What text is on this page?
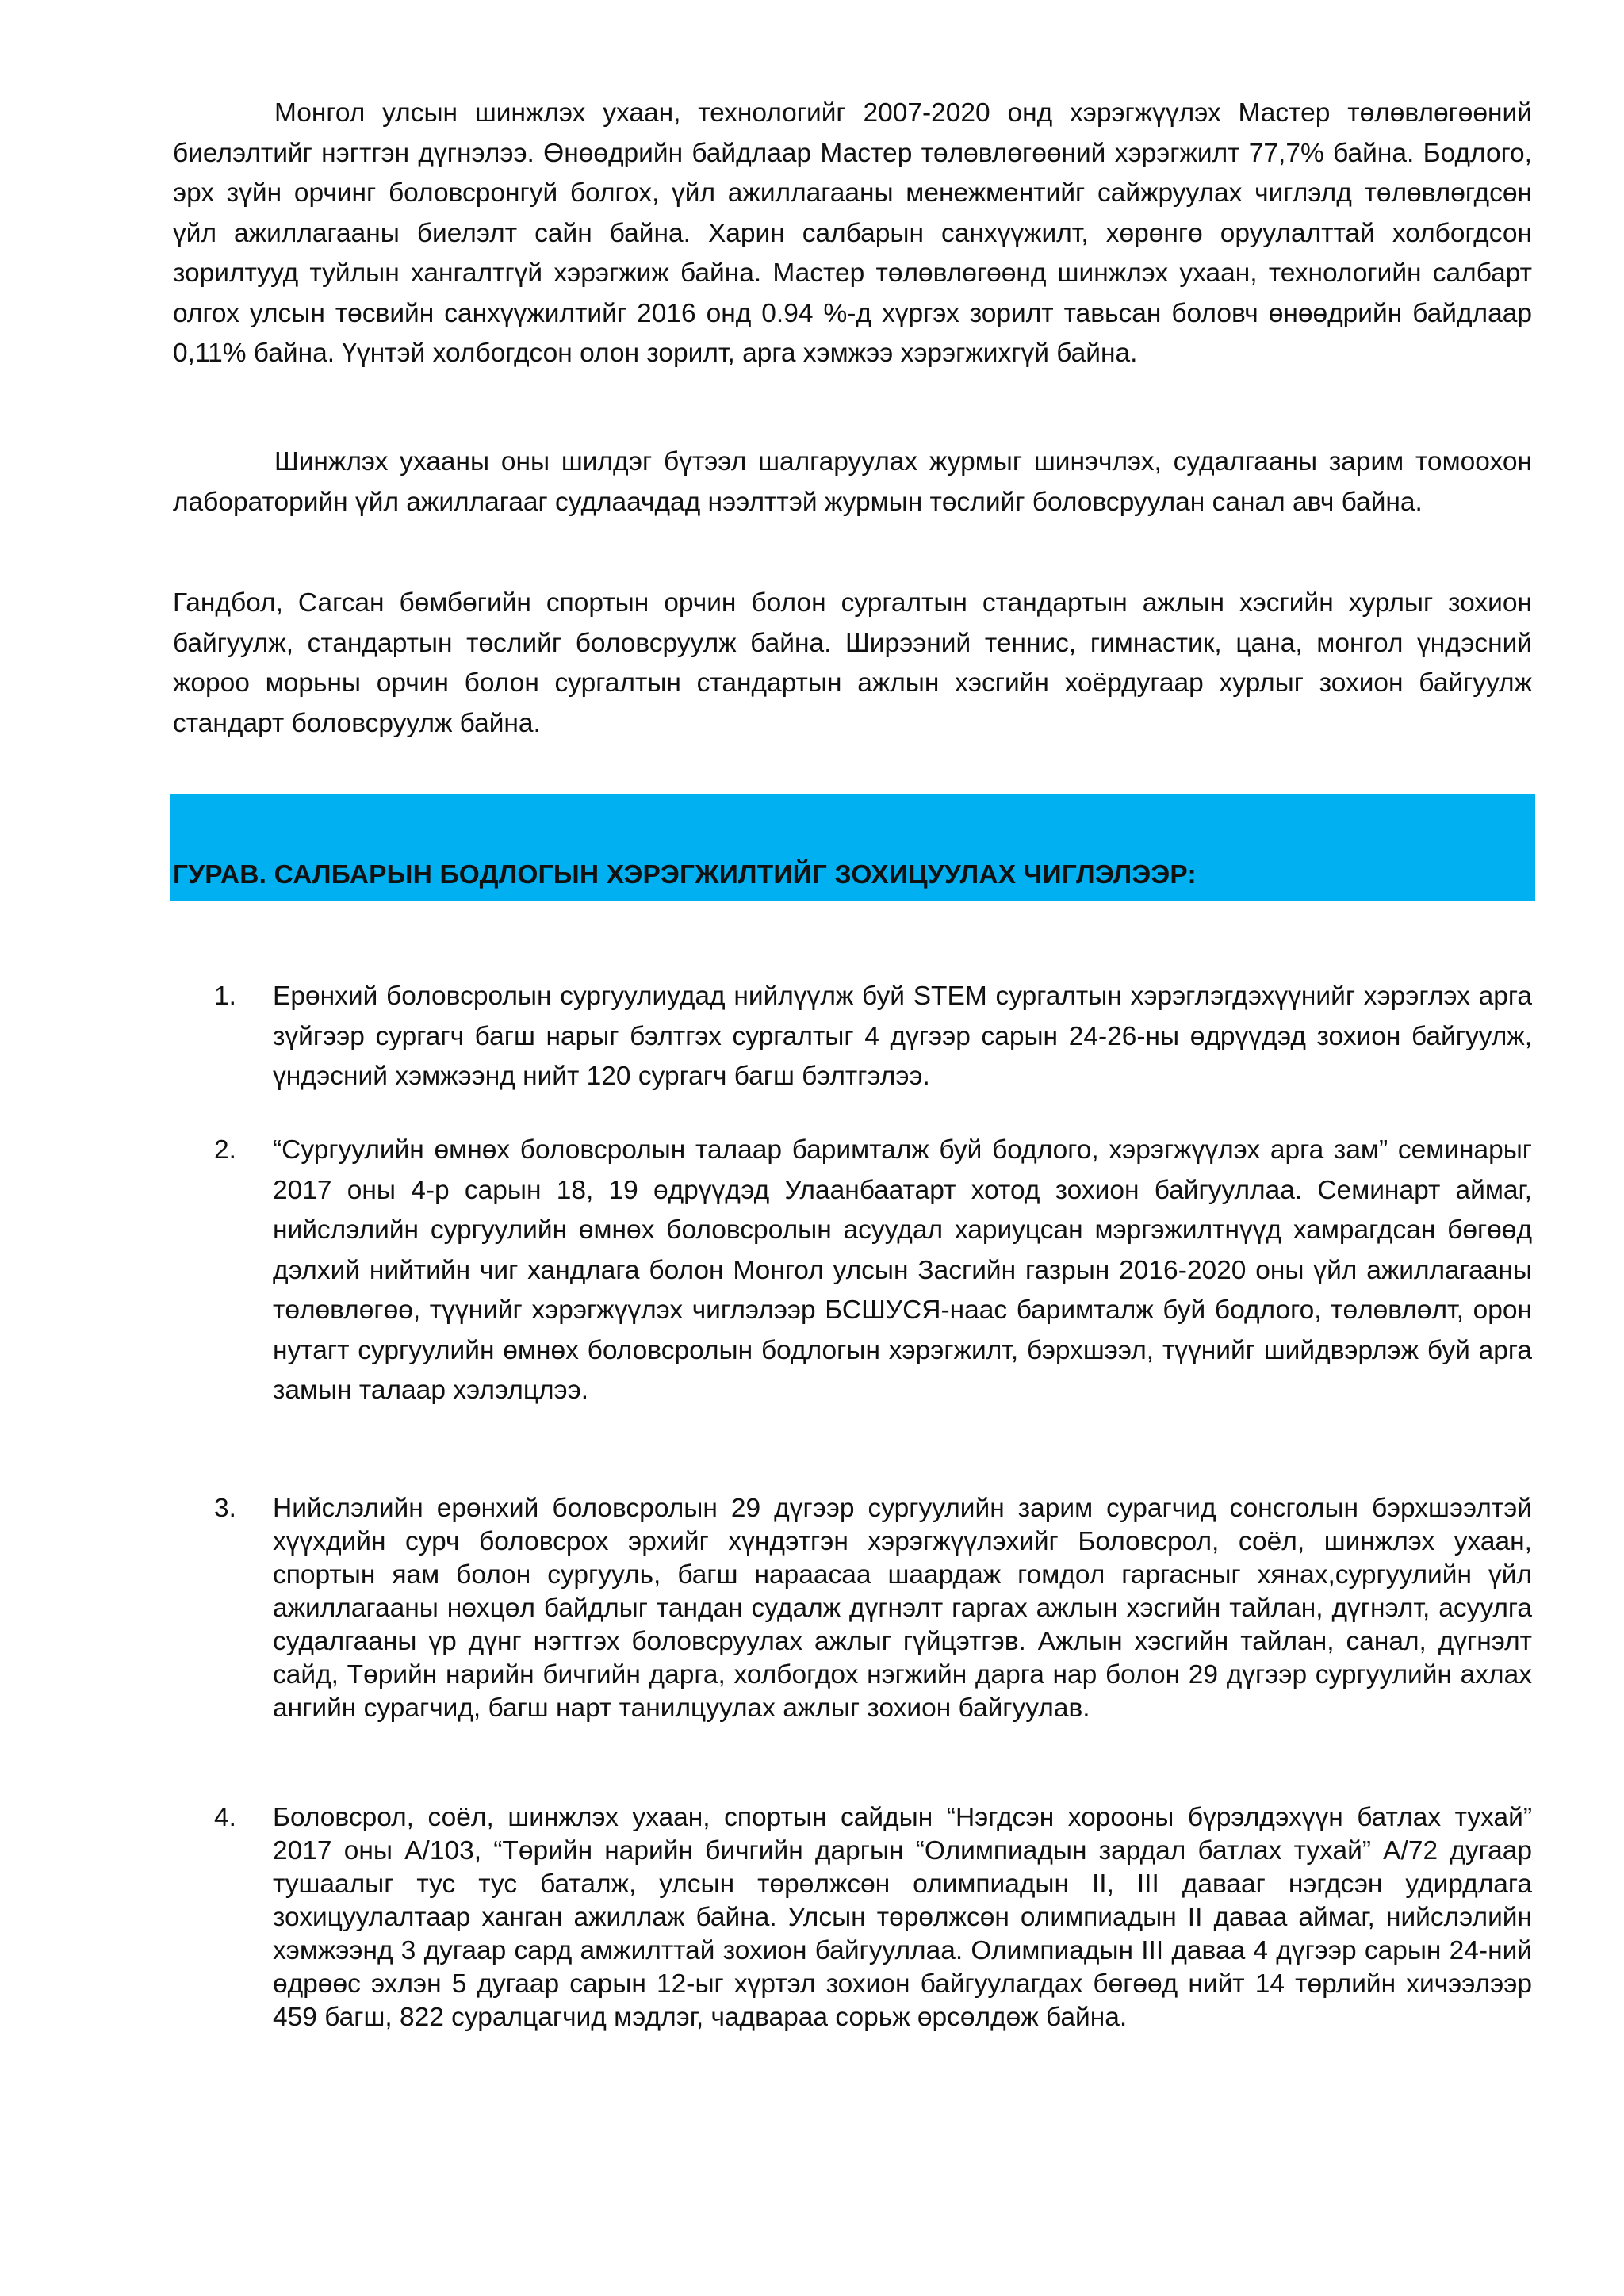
Монгол улсын шинжлэх ухаан, технологийг 2007-2020 онд хэрэгжүүлэх Мастер төлөвлөгөөний биелэлтийг нэгтгэн дүгнэлээ. Өнөөдрийн байдлаар Мастер төлөвлөгөөний хэрэгжилт 77,7% байна. Бодлого, эрх зүйн орчинг боловсронгуй болгох, үйл ажиллагааны менежментийг сайжруулах чиглэлд төлөвлөгдсөн үйл ажиллагааны биелэлт сайн байна. Харин салбарын санхүүжилт, хөрөнгө оруулалттай холбогдсон зорилтууд туйлын хангалтгүй хэрэгжиж байна. Мастер төлөвлөгөөнд шинжлэх ухаан, технологийн салбарт олгох улсын төсвийн санхүүжилтийг 2016 онд 0.94 %-д хүргэх зорилт тавьсан боловч өнөөдрийн байдлаар 0,11% байна. Үүнтэй холбогдсон олон зорилт, арга хэмжээ хэрэгжихгүй байна.

Шинжлэх ухааны оны шилдэг бүтээл шалгаруулах журмыг шинэчлэх, судалгааны зарим томоохон лабораторийн үйл ажиллагааг судлаачдад нээлттэй журмын төслийг боловсруулан санал авч байна.

Гандбол, Сагсан бөмбөгийн спортын орчин болон сургалтын стандартын ажлын хэсгийн хурлыг зохион байгуулж, стандартын төслийг боловсруулж байна. Ширээний теннис, гимнастик, цана, монгол үндэсний жороо морьны орчин болон сургалтын стандартын ажлын хэсгийн хоёрдугаар хурлыг зохион байгуулж стандарт боловсруулж байна.

ГУРАВ. САЛБАРЫН БОДЛОГЫН ХЭРЭГЖИЛТИЙГ ЗОХИЦУУЛАХ ЧИГЛЭЛЭЭР:
1.	Ерөнхий боловсролын сургуулиудад нийлүүлж буй STEM сургалтын хэрэглэгдэхүүнийг хэрэглэх арга зүйгээр сургагч багш нарыг бэлтгэх сургалтыг 4 дүгээр сарын 24-26-ны өдрүүдэд зохион байгуулж, үндэсний хэмжээнд нийт 120 сургагч багш бэлтгэлээ.

2.	“Сургуулийн өмнөх боловсролын талаар баримталж буй бодлого, хэрэгжүүлэх арга зам” семинарыг 2017 оны 4-р сарын 18, 19 өдрүүдэд Улаанбаатарт хотод зохион байгууллаа. Семинарт аймаг, нийслэлийн сургуулийн өмнөх боловсролын асуудал хариуцсан мэргэжилтнүүд хамрагдсан бөгөөд дэлхий нийтийн чиг хандлага болон Монгол улсын Засгийн газрын 2016-2020 оны үйл ажиллагааны төлөвлөгөө, түүнийг хэрэгжүүлэх чиглэлээр БСШУСЯ-наас баримталж буй бодлого, төлөвлөлт, орон нутагт сургуулийн өмнөх боловсролын бодлогын хэрэгжилт, бэрхшээл, түүнийг шийдвэрлэж буй арга замын талаар хэлэлцлээ.

3.	Нийслэлийн ерөнхий боловсролын 29 дүгээр сургуулийн зарим сурагчид сонсголын бэрхшээлтэй хүүхдийн сурч боловсрох эрхийг хүндэтгэн хэрэгжүүлэхийг Боловсрол, соёл, шинжлэх ухаан, спортын яам болон сургууль, багш нараасаа шаардаж гомдол гаргасныг хянах,сургуулийн үйл ажиллагааны нөхцөл байдлыг тандан судалж дүгнэлт гаргах ажлын хэсгийн тайлан, дүгнэлт, асуулга судалгааны үр дүнг нэгтгэх боловсруулах ажлыг гүйцэтгэв. Ажлын хэсгийн тайлан, санал, дүгнэлт сайд, Төрийн нарийн бичгийн дарга, холбогдох нэгжийн дарга нар болон 29 дүгээр сургуулийн ахлах ангийн сурагчид, багш нарт танилцуулах ажлыг зохион байгуулав.

4.	Боловсрол, соёл, шинжлэх ухаан, спортын сайдын “Нэгдсэн хорооны бүрэлдэхүүн батлах тухай” 2017 оны А/103, “Төрийн нарийн бичгийн даргын “Олимпиадын зардал батлах тухай” А/72 дугаар тушаалыг тус тус баталж, улсын төрөлжсөн олимпиадын II, III давааг нэгдсэн удирдлага зохицуулалтаар ханган ажиллаж байна. Улсын төрөлжсөн олимпиадын II даваа аймаг, нийслэлийн хэмжээнд 3 дугаар сард амжилттай зохион байгууллаа. Олимпиадын III даваа 4 дүгээр сарын 24-ний өдрөөс эхлэн 5 дугаар сарын 12-ыг хүртэл зохион байгуулагдах бөгөөд нийт 14 төрлийн хичээлээр 459 багш, 822 суралцагчид мэдлэг, чадвараа сорьж өрсөлдөж байна.
